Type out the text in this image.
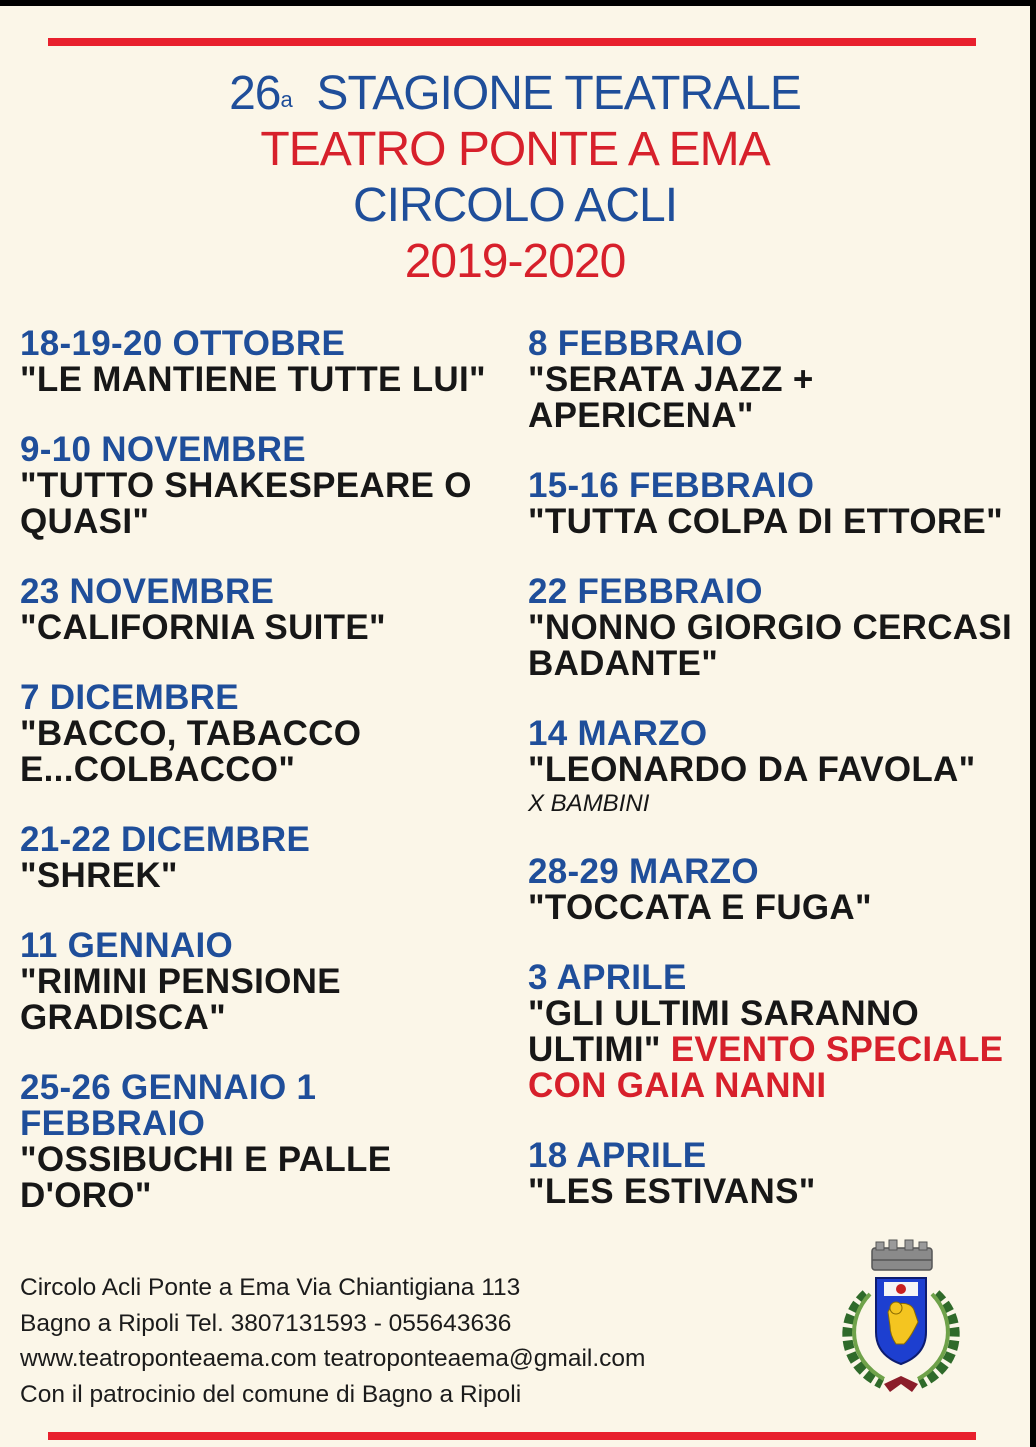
26$^a$ STAGIONE TEATRALE
TEATRO PONTE A EMA
CIRCOLO ACLI
2019-2020
18-19-20 OTTOBRE
"LE MANTIENE TUTTE LUI"
9-10 NOVEMBRE
"TUTTO SHAKESPEARE O QUASI"
23 NOVEMBRE
"CALIFORNIA SUITE"
7 DICEMBRE
"BACCO, TABACCO E...COLBACCO"
21-22 DICEMBRE
"SHREK"
11 GENNAIO
"RIMINI PENSIONE GRADISCA"
25-26 GENNAIO 1 FEBBRAIO
"OSSIBUCHI E PALLE D'ORO"
8 FEBBRAIO
"SERATA JAZZ + APERICENA"
15-16 FEBBRAIO
"TUTTA COLPA DI ETTORE"
22 FEBBRAIO
"NONNO GIORGIO CERCASI BADANTE"
14 MARZO
"LEONARDO DA FAVOLA"
X BAMBINI
28-29 MARZO
"TOCCATA E FUGA"
3 APRILE
"GLI ULTIMI SARANNO ULTIMI" EVENTO SPECIALE CON GAIA NANNI
18 APRILE
"LES ESTIVANS"
Circolo Acli Ponte a Ema Via Chiantigiana 113
Bagno a Ripoli Tel. 3807131593 - 055643636
www.teatroponteaema.com teatroponteaema@gmail.com
Con il patrocinio del comune di Bagno a Ripoli
